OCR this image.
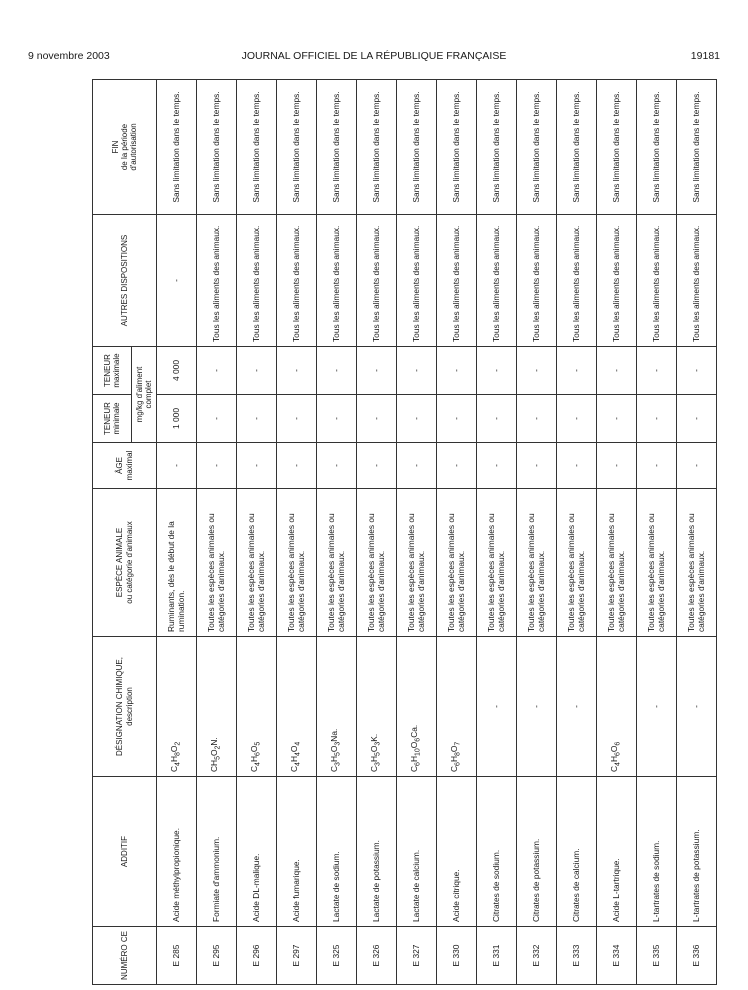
9 novembre 2003	JOURNAL OFFICIEL DE LA RÉPUBLIQUE FRANÇAISE	19181
NUMÉRO CE	ADDITIF	DÉSIGNATION CHIMIQUE, description	ESPÈCE ANIMALE ou catégorie d'animaux	ÂGE maximal	TENEUR minimale	TENEUR maximale	AUTRES DISPOSITIONS	FIN de la période d'autorisation

					mg/kg d'aliment complet			

E 285	Acide méthylpropionique.	$C_4H_8O_2$	Ruminants, dès le début de la rumination.	-	1 000	4 000	-	Sans limitation dans le temps.
E 295	Formiate d'ammonium.	$CH_5O_2N$.	Toutes les espèces animales ou catégories d'animaux.	-	-	-	Tous les aliments des animaux.	Sans limitation dans le temps.
E 296	Acide DL-malique.	$C_4H_6O_5$	Toutes les espèces animales ou catégories d'animaux.	-	-	-	Tous les aliments des animaux.	Sans limitation dans le temps.
E 297	Acide fumarique.	$C_4H_4O_4$	Toutes les espèces animales ou catégories d'animaux.	-	-	-	Tous les aliments des animaux.	Sans limitation dans le temps.
E 325	Lactate de sodium.	$C_3H_5O_3Na$.	Toutes les espèces animales ou catégories d'animaux.	-	-	-	Tous les aliments des animaux.	Sans limitation dans le temps.
E 326	Lactate de potassium.	$C_3H_5O_3K$.	Toutes les espèces animales ou catégories d'animaux.	-	-	-	Tous les aliments des animaux.	Sans limitation dans le temps.
E 327	Lactate de calcium.	$C_6H_{10}O_6Ca$.	Toutes les espèces animales ou catégories d'animaux.	-	-	-	Tous les aliments des animaux.	Sans limitation dans le temps.
E 330	Acide citrique.	$C_6H_8O_7$	Toutes les espèces animales ou catégories d'animaux.	-	-	-	Tous les aliments des animaux.	Sans limitation dans le temps.
E 331	Citrates de sodium.	-	Toutes les espèces animales ou catégories d'animaux.	-	-	-	Tous les aliments des animaux.	Sans limitation dans le temps.
E 332	Citrates de potassium.	-	Toutes les espèces animales ou catégories d'animaux.	-	-	-	Tous les aliments des animaux.	Sans limitation dans le temps.
E 333	Citrates de calcium.	-	Toutes les espèces animales ou catégories d'animaux.	-	-	-	Tous les aliments des animaux.	Sans limitation dans le temps.
E 334	Acide L-tartrique.	$C_4H_6O_6$	Toutes les espèces animales ou catégories d'animaux.	-	-	-	Tous les aliments des animaux.	Sans limitation dans le temps.
E 335	L-tartrates de sodium.	-	Toutes les espèces animales ou catégories d'animaux.	-	-	-	Tous les aliments des animaux.	Sans limitation dans le temps.
E 336	L-tartrates de potassium.	-	Toutes les espèces animales ou catégories d'animaux.	-	-	-	Tous les aliments des animaux.	Sans limitation dans le temps.
